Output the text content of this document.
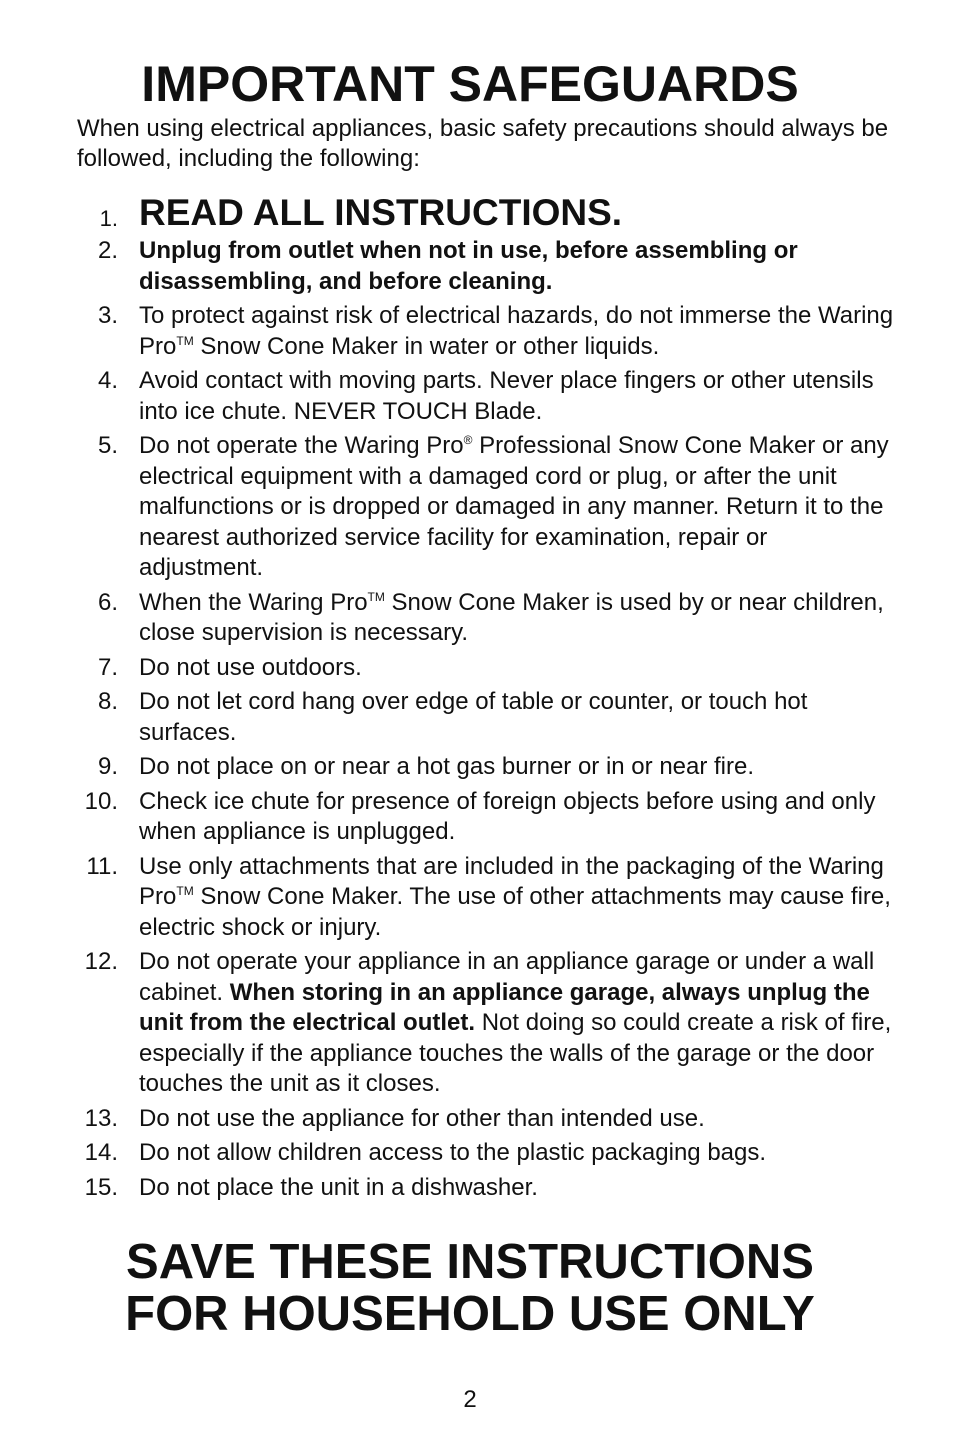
IMPORTANT SAFEGUARDS

When using electrical appliances, basic safety precautions should always be followed, including the following:

1. READ ALL INSTRUCTIONS.
2. Unplug from outlet when not in use, before assembling or disassembling, and before cleaning.
3. To protect against risk of electrical hazards, do not immerse the Waring Pro™ Snow Cone Maker in water or other liquids.
4. Avoid contact with moving parts. Never place fingers or other utensils into ice chute. NEVER TOUCH Blade.
5. Do not operate the Waring Pro® Professional Snow Cone Maker or any electrical equipment with a damaged cord or plug, or after the unit malfunctions or is dropped or damaged in any manner. Return it to the nearest authorized service facility for examination, repair or adjustment.
6. When the Waring Pro™ Snow Cone Maker is used by or near children, close supervision is necessary.
7. Do not use outdoors.
8. Do not let cord hang over edge of table or counter, or touch hot surfaces.
9. Do not place on or near a hot gas burner or in or near fire.
10. Check ice chute for presence of foreign objects before using and only when appliance is unplugged.
11. Use only attachments that are included in the packaging of the Waring Pro™ Snow Cone Maker. The use of other attachments may cause fire, electric shock or injury.
12. Do not operate your appliance in an appliance garage or under a wall cabinet. When storing in an appliance garage, always unplug the unit from the electrical outlet. Not doing so could create a risk of fire, especially if the appliance touches the walls of the garage or the door touches the unit as it closes.
13. Do not use the appliance for other than intended use.
14. Do not allow children access to the plastic packaging bags.
15. Do not place the unit in a dishwasher.
SAVE THESE INSTRUCTIONS
FOR HOUSEHOLD USE ONLY
2
